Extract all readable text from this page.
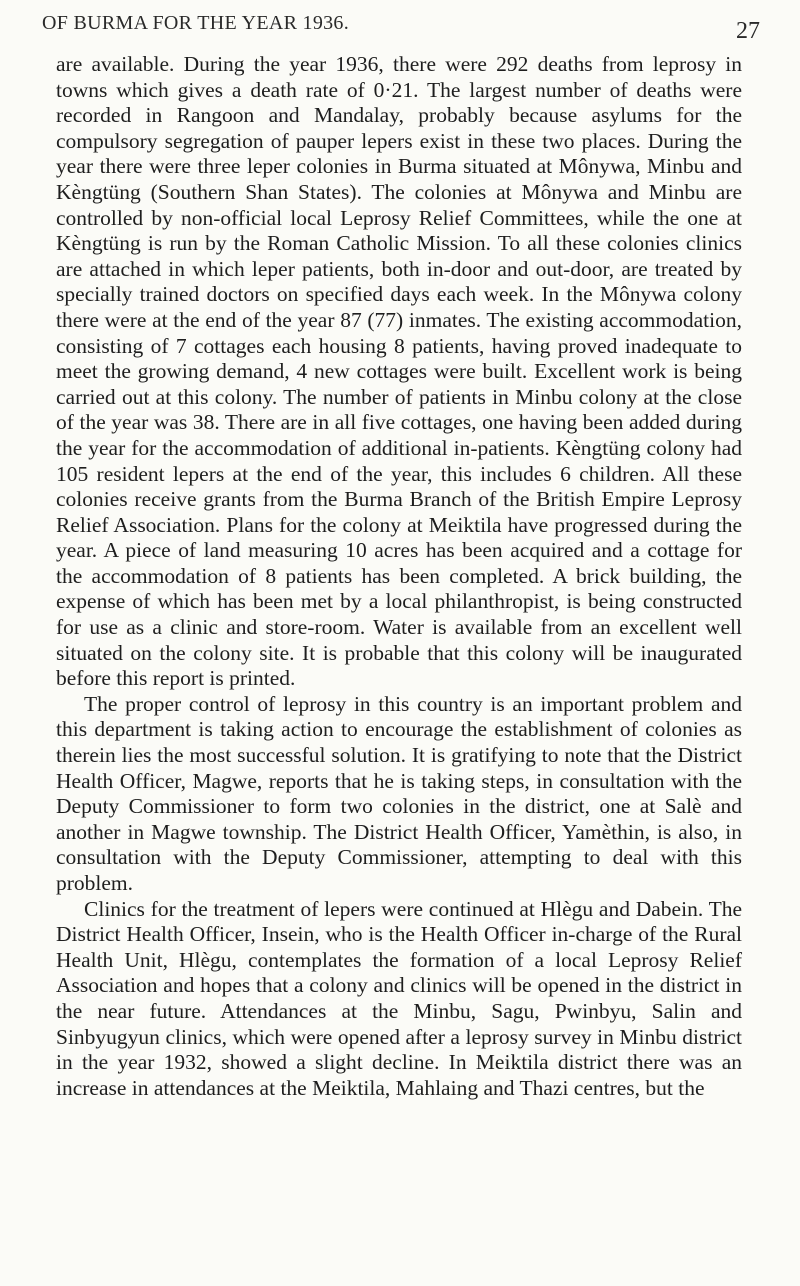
OF BURMA FOR THE YEAR 1936.	27

are available. During the year 1936, there were 292 deaths from leprosy in towns which gives a death rate of 0·21. The largest number of deaths were recorded in Rangoon and Mandalay, probably because asylums for the compulsory segregation of pauper lepers exist in these two places. During the year there were three leper colonies in Burma situated at Mônywa, Minbu and Kèngtüng (Southern Shan States). The colonies at Mônywa and Minbu are controlled by non-official local Leprosy Relief Committees, while the one at Kèngtüng is run by the Roman Catholic Mission. To all these colonies clinics are attached in which leper patients, both in-door and out-door, are treated by specially trained doctors on specified days each week. In the Mônywa colony there were at the end of the year 87 (77) inmates. The existing accommodation, consisting of 7 cottages each housing 8 patients, having proved inadequate to meet the growing demand, 4 new cottages were built. Excellent work is being carried out at this colony. The number of patients in Minbu colony at the close of the year was 38. There are in all five cottages, one having been added during the year for the accommodation of additional in-patients. Kèngtüng colony had 105 resident lepers at the end of the year, this includes 6 children. All these colonies receive grants from the Burma Branch of the British Empire Leprosy Relief Association. Plans for the colony at Meiktila have progressed during the year. A piece of land measuring 10 acres has been acquired and a cottage for the accommodation of 8 patients has been completed. A brick building, the expense of which has been met by a local philanthropist, is being constructed for use as a clinic and store-room. Water is available from an excellent well situated on the colony site. It is probable that this colony will be inaugurated before this report is printed.

The proper control of leprosy in this country is an important problem and this department is taking action to encourage the establishment of colonies as therein lies the most successful solution. It is gratifying to note that the District Health Officer, Magwe, reports that he is taking steps, in consultation with the Deputy Commissioner to form two colonies in the district, one at Salè and another in Magwe township. The District Health Officer, Yamèthin, is also, in consultation with the Deputy Commissioner, attempting to deal with this problem.

Clinics for the treatment of lepers were continued at Hlègu and Dabein. The District Health Officer, Insein, who is the Health Officer in-charge of the Rural Health Unit, Hlègu, contemplates the formation of a local Leprosy Relief Association and hopes that a colony and clinics will be opened in the district in the near future. Attendances at the Minbu, Sagu, Pwinbyu, Salin and Sinbyugyun clinics, which were opened after a leprosy survey in Minbu district in the year 1932, showed a slight decline. In Meiktila district there was an increase in attendances at the Meiktila, Mahlaing and Thazi centres, but the
